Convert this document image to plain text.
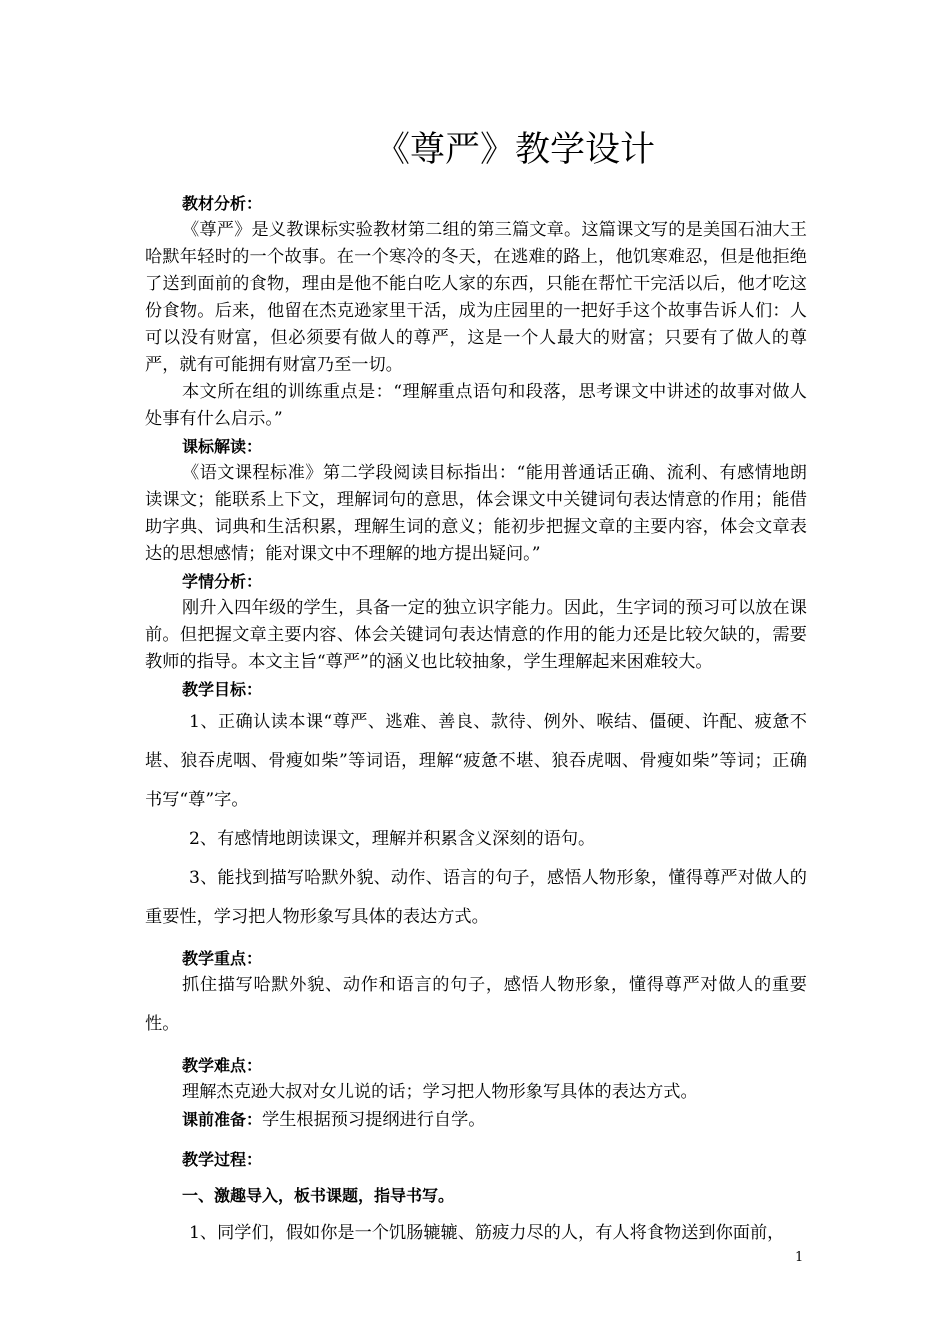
《尊严》教学设计

教材分析：

《尊严》是义教课标实验教材第二组的第三篇文章。这篇课文写的是美国石油大王哈默年轻时的一个故事。在一个寒冷的冬天，在逃难的路上，他饥寒难忍，但是他拒绝了送到面前的食物，理由是他不能白吃人家的东西，只能在帮忙干完活以后，他才吃这份食物。后来，他留在杰克逊家里干活，成为庄园里的一把好手这个故事告诉人们：人可以没有财富，但必须要有做人的尊严，这是一个人最大的财富；只要有了做人的尊严，就有可能拥有财富乃至一切。

本文所在组的训练重点是：“理解重点语句和段落，思考课文中讲述的故事对做人处事有什么启示。”

课标解读：

《语文课程标准》第二学段阅读目标指出：“能用普通话正确、流利、有感情地朗读课文；能联系上下文，理解词句的意思，体会课文中关键词句表达情意的作用；能借助字典、词典和生活积累，理解生词的意义；能初步把握文章的主要内容，体会文章表达的思想感情；能对课文中不理解的地方提出疑问。”

学情分析：

刚升入四年级的学生，具备一定的独立识字能力。因此，生字词的预习可以放在课前。但把握文章主要内容、体会关键词句表达情意的作用的能力还是比较欠缺的，需要教师的指导。本文主旨“尊严”的涵义也比较抽象，学生理解起来困难较大。

教学目标：

1、正确认读本课“尊严、逃难、善良、款待、例外、喉结、僵硬、许配、疲惫不堪、狼吞虎咽、骨瘦如柴”等词语，理解“疲惫不堪、狼吞虎咽、骨瘦如柴”等词；正确书写“尊”字。

2、有感情地朗读课文，理解并积累含义深刻的语句。

3、能找到描写哈默外貌、动作、语言的句子，感悟人物形象，懂得尊严对做人的重要性，学习把人物形象写具体的表达方式。

教学重点：

抓住描写哈默外貌、动作和语言的句子，感悟人物形象，懂得尊严对做人的重要性。

教学难点：

理解杰克逊大叔对女儿说的话；学习把人物形象写具体的表达方式。

课前准备：学生根据预习提纲进行自学。

教学过程：

一、激趣导入，板书课题，指导书写。

1、同学们，假如你是一个饥肠辘辘、筋疲力尽的人，有人将食物送到你面前，

1
